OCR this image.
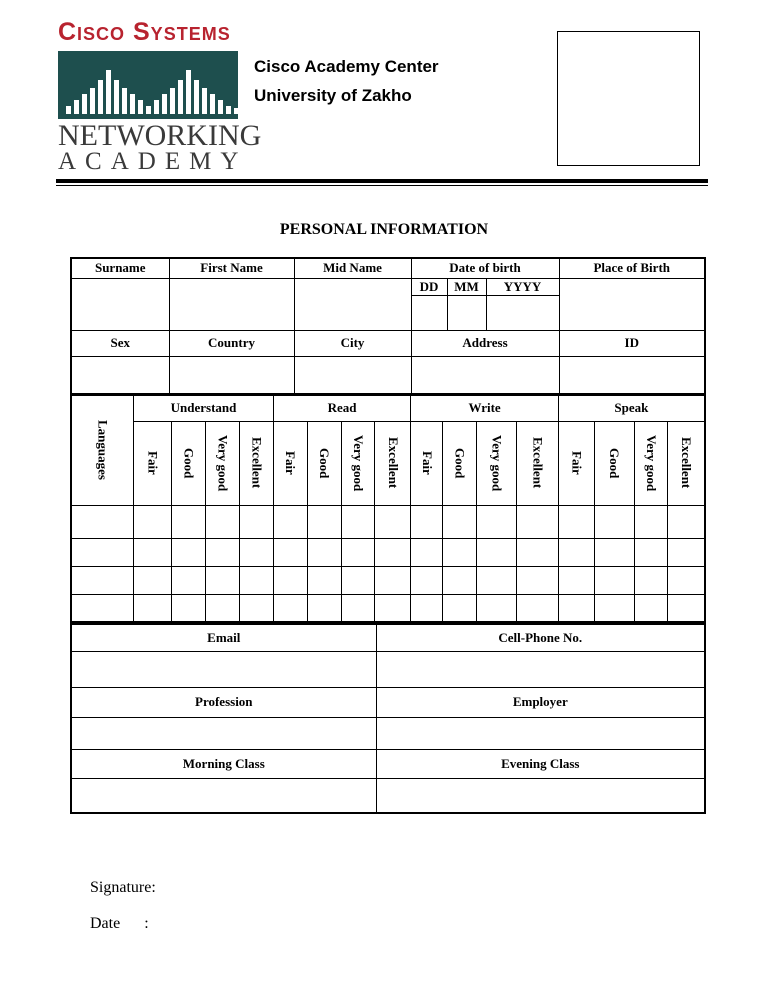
Cisco Systems
NETWORKING
ACADEMY
Cisco Academy Center
University of Zakho
PERSONAL INFORMATION
Surname	First Name	Mid Name	Date of birth			Place of Birth
			DD	MM	YYYY	

Sex	Country	City	Address			ID

Languages	Understand				Read				Write				Speak			

	Fair	Good	Very good	Excellent	Fair	Good	Very good	Excellent	Fair	Good	Very good	Excellent	Fair	Good	Very good	Excellent

Email	Cell-Phone No.

Profession	Employer

Morning Class	Evening Class

Signature:
Date      :
